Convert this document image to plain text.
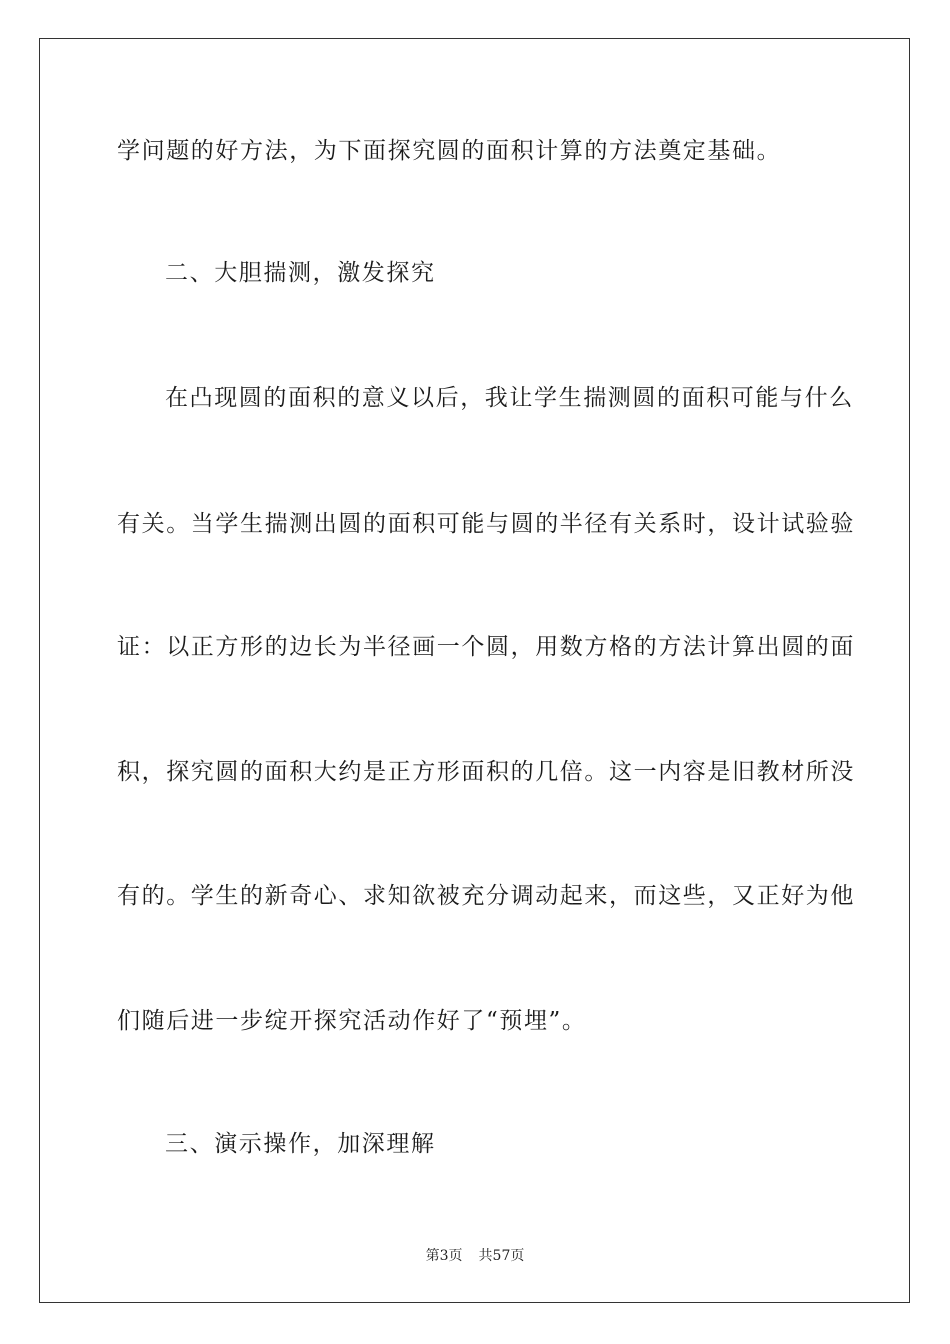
学问题的好方法，为下面探究圆的面积计算的方法奠定基础。
二、大胆揣测，激发探究
在凸现圆的面积的意义以后，我让学生揣测圆的面积可能与什么
有关。当学生揣测出圆的面积可能与圆的半径有关系时，设计试验验
证：以正方形的边长为半径画一个圆，用数方格的方法计算出圆的面
积，探究圆的面积大约是正方形面积的几倍。这一内容是旧教材所没
有的。学生的新奇心、求知欲被充分调动起来，而这些，又正好为他
们随后进一步绽开探究活动作好了“预埋”。
三、演示操作，加深理解
第3页 共57页
